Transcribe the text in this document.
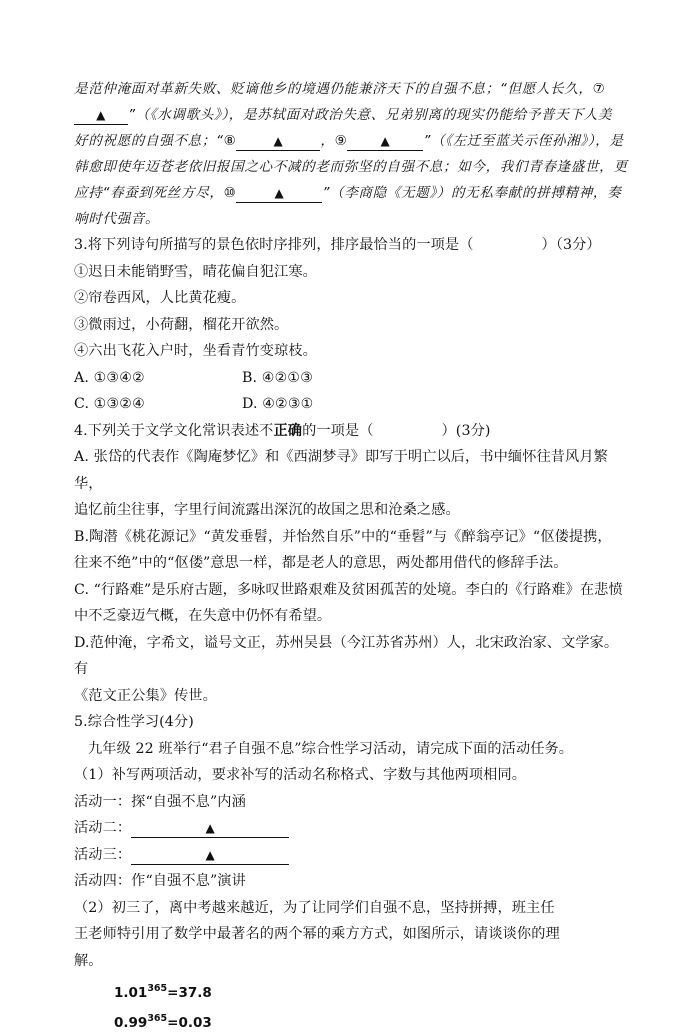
是范仲淹面对革新失败、贬谪他乡的境遇仍能兼济天下的自强不息；“但愿人长久，⑦

▲ ”（《水调歌头》），是苏轼面对政治失意、兄弟别离的现实仍能给予普天下人美

好的祝愿的自强不息；“⑧	▲	，⑨	▲ ”（《左迁至蓝关示侄孙湘》），是

韩愈即使年迈苍老依旧报国之心不减的老而弥坚的自强不息；如今，我们青春逢盛世，更

应持“春蚕到死丝方尽，⑩	▲	”（李商隐《无题》）的无私奉献的拼搏精神，奏

响时代强音。

3.将下列诗句所描写的景色依时序排列，排序最恰当的一项是（	）（3分）

①迟日未能销野雪，晴花偏自犯江寒。

②帘卷西风，人比黄花瘦。

③微雨过，小荷翻，榴花开欲然。

④六出飞花入户时，坐看青竹变琼枝。

A. ①③④②	B. ④②①③
C. ①③②④	D. ④②③①

4.下列关于文学文化常识表述不正确的一项是（	）(3分)

A. 张岱的代表作《陶庵梦忆》和《西湖梦寻》即写于明亡以后，书中缅怀往昔风月繁华，

追忆前尘往事，字里行间流露出深沉的故国之思和沧桑之感。

B.陶潜《桃花源记》“黄发垂髫，并怡然自乐”中的“垂髫”与《醉翁亭记》“伛偻提携，

往来不绝”中的“伛偻”意思一样，都是老人的意思，两处都用借代的修辞手法。

C. “行路难”是乐府古题，多咏叹世路艰难及贫困孤苦的处境。李白的《行路难》在悲愤

中不乏豪迈气概，在失意中仍怀有希望。

D.范仲淹，字希文，谥号文正，苏州吴县（今江苏省苏州）人，北宋政治家、文学家。有

《范文正公集》传世。

5.综合性学习(4分)

九年级 22 班举行“君子自强不息”综合性学习活动，请完成下面的活动任务。

（1）补写两项活动，要求补写的活动名称格式、字数与其他两项相同。

活动一：探“自强不息”内涵

活动二：	▲

活动三：	▲

活动四：作“自强不息”演讲

（2）初三了，离中考越来越近，为了让同学们自强不息，坚持拼搏，班主任

王老师特引用了数学中最著名的两个幂的乘方方式，如图所示，请谈谈你的理

解。

$1.01^{365}=37.8$

$0.99^{365}=0.03$
